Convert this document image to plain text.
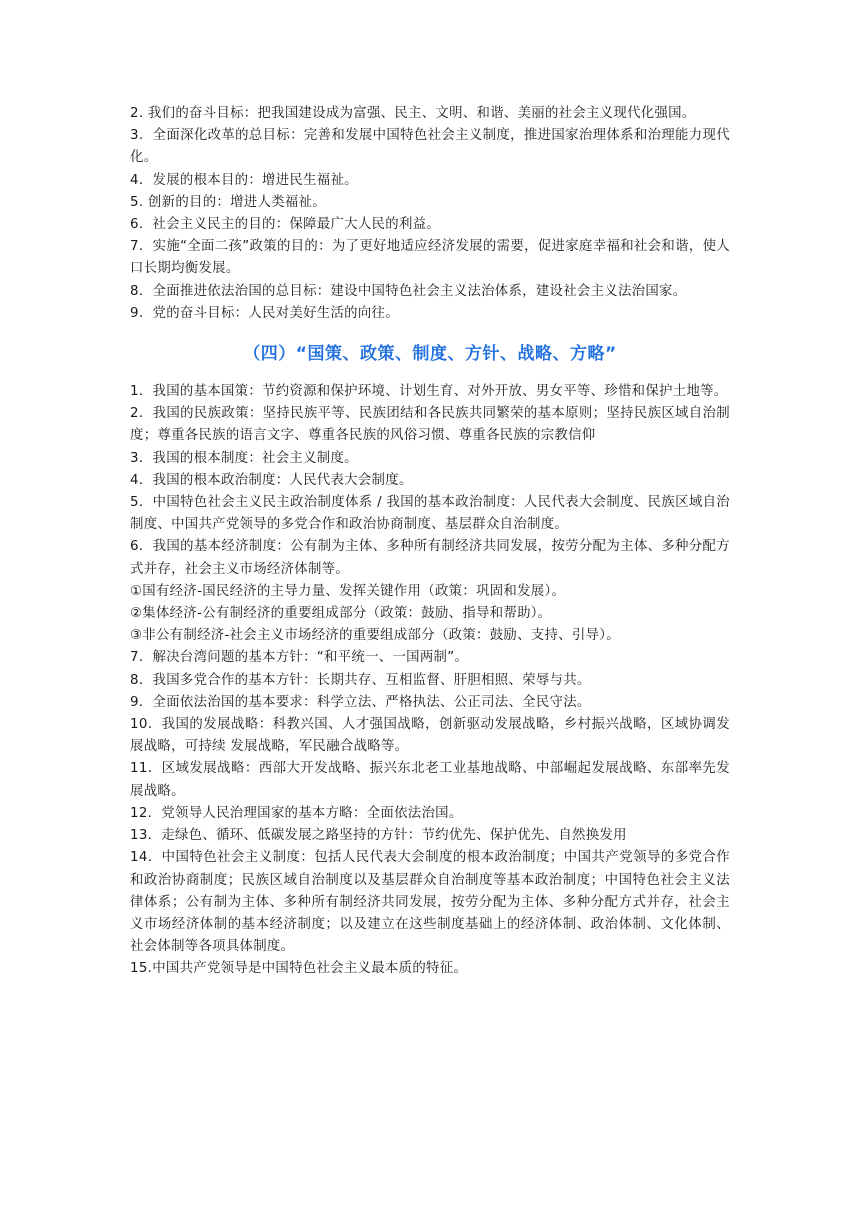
2. 我们的奋斗目标：把我国建设成为富强、民主、文明、和谐、美丽的社会主义现代化强国。

3．全面深化改革的总目标：完善和发展中国特色社会主义制度，推进国家治理体系和治理能力现代化。

4．发展的根本目的：增进民生福祉。

5. 创新的目的：增进人类福祉。

6．社会主义民主的目的：保障最广大人民的利益。

7．实施“全面二孩”政策的目的：为了更好地适应经济发展的需要，促进家庭幸福和社会和谐，使人口长期均衡发展。

8．全面推进依法治国的总目标：建设中国特色社会主义法治体系，建设社会主义法治国家。

9．党的奋斗目标：人民对美好生活的向往。

（四）“国策、政策、制度、方针、战略、方略”

1．我国的基本国策：节约资源和保护环境、计划生育、对外开放、男女平等、珍惜和保护土地等。

2．我国的民族政策：坚持民族平等、民族团结和各民族共同繁荣的基本原则；坚持民族区域自治制度；尊重各民族的语言文字、尊重各民族的风俗习惯、尊重各民族的宗教信仰

3．我国的根本制度：社会主义制度。

4．我国的根本政治制度：人民代表大会制度。

5．中国特色社会主义民主政治制度体系 / 我国的基本政治制度：人民代表大会制度、民族区域自治制度、中国共产党领导的多党合作和政治协商制度、基层群众自治制度。

6．我国的基本经济制度：公有制为主体、多种所有制经济共同发展，按劳分配为主体、多种分配方式并存，社会主义市场经济体制等。

①国有经济-国民经济的主导力量、发挥关键作用（政策：巩固和发展）。

②集体经济-公有制经济的重要组成部分（政策：鼓励、指导和帮助）。

③非公有制经济-社会主义市场经济的重要组成部分（政策：鼓励、支持、引导）。

7．解决台湾问题的基本方针：“和平统一、一国两制”。

8．我国多党合作的基本方针：长期共存、互相监督、肝胆相照、荣辱与共。

9．全面依法治国的基本要求：科学立法、严格执法、公正司法、全民守法。

10．我国的发展战略：科教兴国、人才强国战略，创新驱动发展战略，乡村振兴战略，区域协调发展战略，可持续 发展战略，军民融合战略等。

11．区域发展战略：西部大开发战略、振兴东北老工业基地战略、中部崛起发展战略、东部率先发展战略。

12．党领导人民治理国家的基本方略：全面依法治国。

13．走绿色、循环、低碳发展之路坚持的方针：节约优先、保护优先、自然换发用

14．中国特色社会主义制度：包括人民代表大会制度的根本政治制度；中国共产党领导的多党合作和政治协商制度；民族区域自治制度以及基层群众自治制度等基本政治制度；中国特色社会主义法律体系；公有制为主体、多种所有制经济共同发展，按劳分配为主体、多种分配方式并存，社会主义市场经济体制的基本经济制度；以及建立在这些制度基础上的经济体制、政治体制、文化体制、社会体制等各项具体制度。

15.中国共产党领导是中国特色社会主义最本质的特征。
